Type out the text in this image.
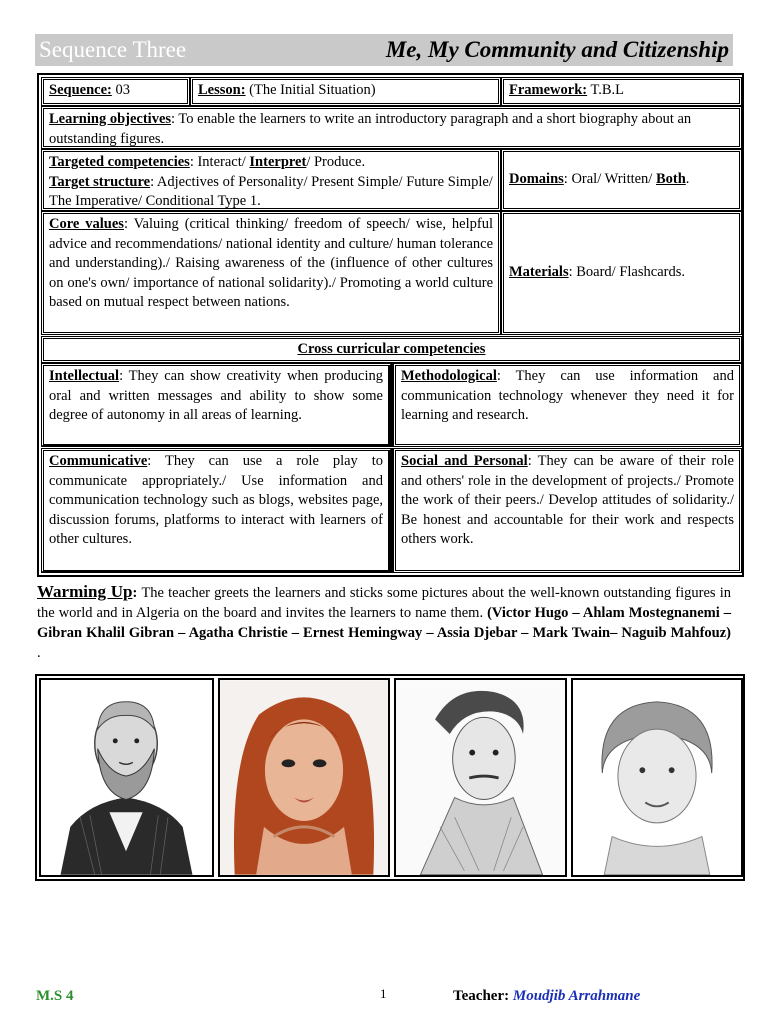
Sequence Three	Me, My Community and Citizenship
Sequence: 03	Lesson: (The Initial Situation)	Framework: T.B.L
Learning objectives: To enable the learners to write an introductory paragraph and a short biography about an outstanding figures.
Targeted competencies: Interact/ Interpret/ Produce.
Target structure: Adjectives of Personality/ Present Simple/ Future Simple/ The Imperative/ Conditional Type 1.
Domains: Oral/ Written/ Both.
Core values: Valuing (critical thinking/ freedom of speech/ wise, helpful advice and recommendations/ national identity and culture/ human tolerance and understanding)./ Raising awareness of the (influence of other cultures on one's own/ importance of national solidarity)./ Promoting a world culture based on mutual respect between nations.
Materials: Board/ Flashcards.
Cross curricular competencies
Intellectual: They can show creativity when producing oral and written messages and ability to show some degree of autonomy in all areas of learning.
Methodological: They can use information and communication technology whenever they need it for learning and research.
Communicative: They can use a role play to communicate appropriately./ Use information and communication technology such as blogs, websites page, discussion forums, platforms to interact with learners of other cultures.
Social and Personal: They can be aware of their role and others' role in the development of projects./ Promote the work of their peers./ Develop attitudes of solidarity./ Be honest and accountable for their work and respects others work.
Warming Up: The teacher greets the learners and sticks some pictures about the well-known outstanding figures in the world and in Algeria on the board and invites the learners to name them. (Victor Hugo – Ahlam Mostegnanemi – Gibran Khalil Gibran – Agatha Christie – Ernest Hemingway – Assia Djebar – Mark Twain– Naguib Mahfouz) .
M.S 4	1	Teacher: Moudjib Arrahmane
